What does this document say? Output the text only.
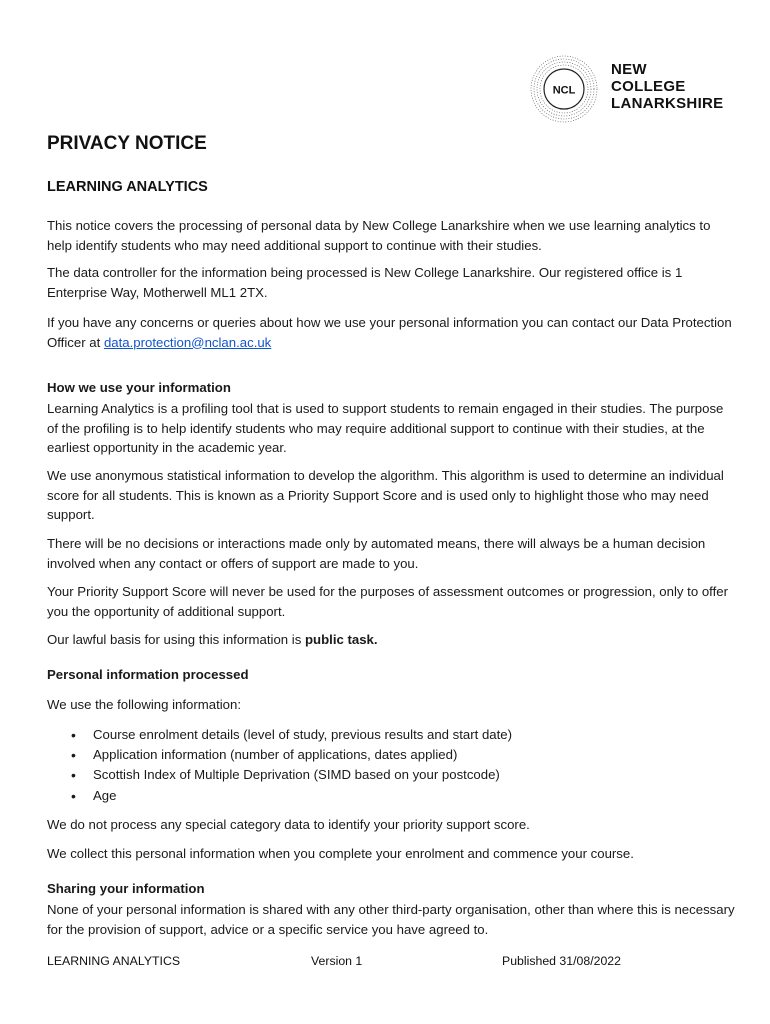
NCL
NEW
COLLEGE
LANARKSHIRE
PRIVACY NOTICE
LEARNING ANALYTICS

This notice covers the processing of personal data by New College Lanarkshire when we use learning analytics to help identify students who may need additional support to continue with their studies.

The data controller for the information being processed is New College Lanarkshire. Our registered office is 1 Enterprise Way, Motherwell ML1 2TX.

If you have any concerns or queries about how we use your personal information you can contact our Data Protection Officer at data.protection@nclan.ac.uk

How we use your information

Learning Analytics is a profiling tool that is used to support students to remain engaged in their studies. The purpose of the profiling is to help identify students who may require additional support to continue with their studies, at the earliest opportunity in the academic year.

We use anonymous statistical information to develop the algorithm. This algorithm is used to determine an individual score for all students. This is known as a Priority Support Score and is used only to highlight those who may need support.

There will be no decisions or interactions made only by automated means, there will always be a human decision involved when any contact or offers of support are made to you.

Your Priority Support Score will never be used for the purposes of assessment outcomes or progression, only to offer you the opportunity of additional support.

Our lawful basis for using this information is public task.

Personal information processed

We use the following information:

• Course enrolment details (level of study, previous results and start date)
• Application information (number of applications, dates applied)
• Scottish Index of Multiple Deprivation (SIMD based on your postcode)
• Age

We do not process any special category data to identify your priority support score.

We collect this personal information when you complete your enrolment and commence your course.

Sharing your information

None of your personal information is shared with any other third-party organisation, other than where this is necessary for the provision of support, advice or a specific service you have agreed to.

LEARNING ANALYTICS	Version 1	Published 31/08/2022
